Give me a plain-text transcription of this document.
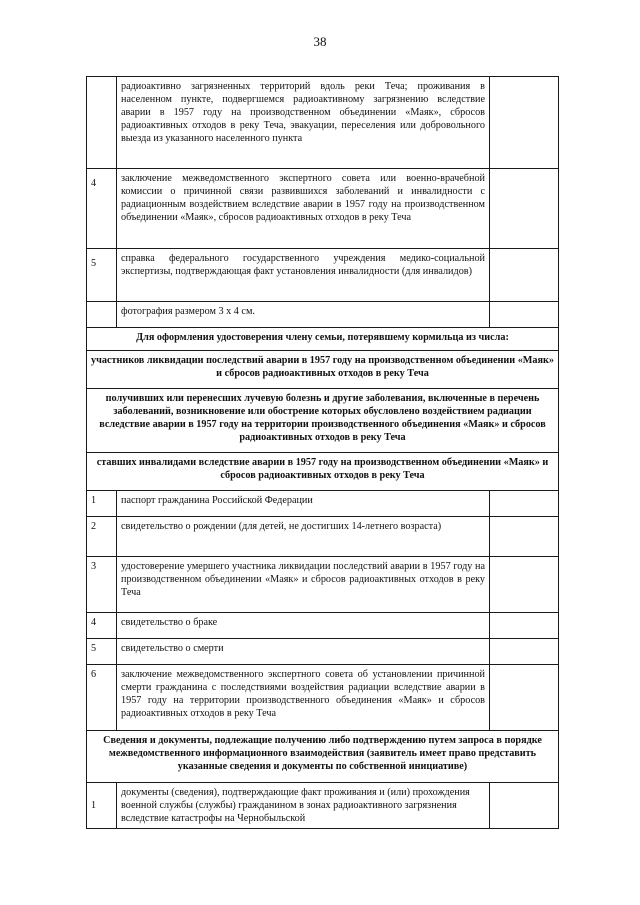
38
	радиоактивно загрязненных территорий вдоль реки Теча; проживания в населенном пункте, подвергшемся радиоактивному загрязнению вследствие аварии в 1957 году на производственном объединении «Маяк», сбросов радиоактивных отходов в реку Теча, эвакуации, переселения или добровольного выезда из указанного населенного пункта	
4	заключение межведомственного экспертного совета или военно-врачебной комиссии о причинной связи развившихся заболеваний и инвалидности с радиационным воздействием вследствие аварии в 1957 году на производственном объединении «Маяк», сбросов радиоактивных отходов в реку Теча	
5	справка федерального государственного учреждения медико-социальной экспертизы, подтверждающая факт установления инвалидности (для инвалидов)	
	фотография размером 3 х 4 см.	
Для оформления удостоверения члену семьи, потерявшему кормильца из числа:		
участников ликвидации последствий аварии в 1957 году на производственном объединении «Маяк» и сбросов радиоактивных отходов в реку Теча		
получивших или перенесших лучевую болезнь и другие заболевания, включенные в перечень заболеваний, возникновение или обострение которых обусловлено воздействием радиации вследствие аварии в 1957 году на территории производственного объединения «Маяк» и сбросов радиоактивных отходов в реку Теча		
ставших инвалидами вследствие аварии в 1957 году на производственном объединении «Маяк» и сбросов радиоактивных отходов в реку Теча		
1	паспорт гражданина Российской Федерации	
2	свидетельство о рождении (для детей, не достигших 14-летнего возраста)	
3	удостоверение умершего участника ликвидации последствий аварии в 1957 году на производственном объединении «Маяк» и сбросов радиоактивных отходов в реку Теча	
4	свидетельство о браке	
5	свидетельство о смерти	
6	заключение межведомственного экспертного совета об установлении причинной смерти гражданина с последствиями воздействия радиации вследствие аварии в 1957 году на территории производственного объединения «Маяк» и сбросов радиоактивных отходов в реку Теча	
Сведения и документы, подлежащие получению либо подтверждению путем запроса в порядке межведомственного информационного взаимодействия (заявитель имеет право представить указанные сведения и документы по собственной инициативе)		
1	документы (сведения), подтверждающие факт проживания и (или) прохождения военной службы (службы) гражданином в зонах радиоактивного загрязнения вследствие катастрофы на Чернобыльской	
